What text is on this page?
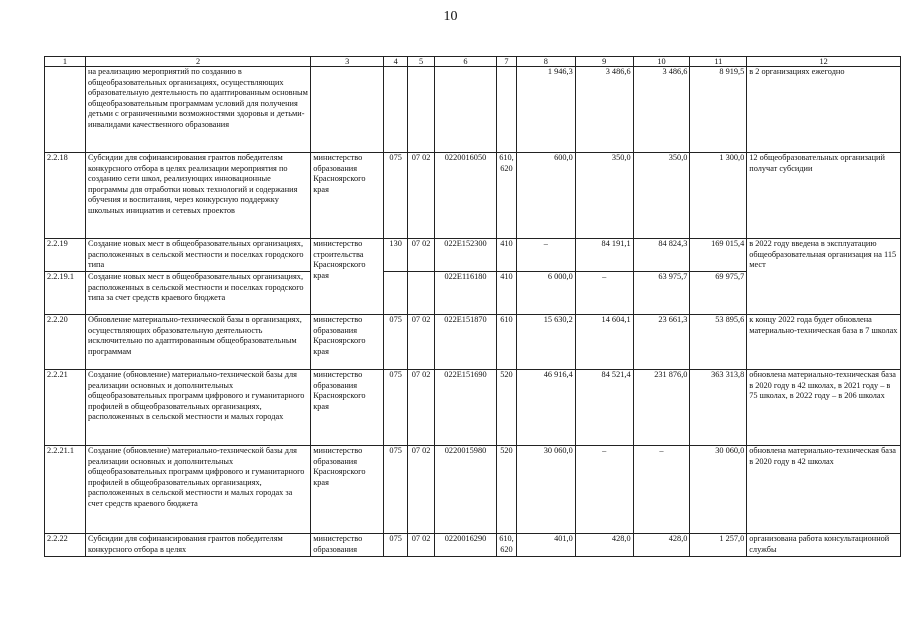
10
1	2	3	4	5	6	7	8	9	10	11	12
	на реализацию мероприятий по созданию в общеобразовательных организациях, осуществляющих образовательную деятельность по адаптированным основным общеобразовательным программам условий для получения детьми с ограниченными возможностями здоровья и детьми-инвалидами качественного образования						1 946,3	3 486,6	3 486,6	8 919,5	в 2 организациях ежегодно
2.2.18	Субсидии для софинансирования грантов победителям конкурсного отбора в целях реализации мероприятия по созданию сети школ, реализующих инновационные программы для отработки новых технологий и содержания обучения и воспитания, через конкурсную поддержку школьных инициатив и сетевых проектов	министерство образования Красноярского края	075	07 02	0220016050	610, 620	600,0	350,0	350,0	1 300,0	12 общеобразовательных организаций получат субсидии
2.2.19	Создание новых мест в общеобразовательных организациях, расположенных в сельской местности и поселках городского типа	министерство строительства Красноярского края	130	07 02	022E152300	410	–	84 191,1	84 824,3	169 015,4	в 2022 году введена в эксплуатацию общеобразовательная организация на 115 мест
2.2.19.1	Создание новых мест в общеобразовательных организациях, расположенных в сельской местности и поселках городского типа за счет средств краевого бюджета				022E116180	410	6 000,0	–	63 975,7	69 975,7	
2.2.20	Обновление материально-технической базы в организациях, осуществляющих образовательную деятельность исключительно по адаптированным общеобразовательным программам	министерство образования Красноярского края	075	07 02	022E151870	610	15 630,2	14 604,1	23 661,3	53 895,6	к концу 2022 года будет обновлена материально-техническая база в 7 школах
2.2.21	Создание (обновление) материально-технической базы для реализации основных и дополнительных общеобразовательных программ цифрового и гуманитарного профилей в общеобразовательных организациях, расположенных в сельской местности и малых городах	министерство образования Красноярского края	075	07 02	022E151690	520	46 916,4	84 521,4	231 876,0	363 313,8	обновлена материально-техническая база в 2020 году в 42 школах, в 2021 году – в 75 школах, в 2022 году – в 206 школах
2.2.21.1	Создание (обновление) материально-технической базы для реализации основных и дополнительных общеобразовательных программ цифрового и гуманитарного профилей в общеобразовательных организациях, расположенных в сельской местности и малых городах за счет средств краевого бюджета	министерство образования Красноярского края	075	07 02	0220015980	520	30 060,0	–	–	30 060,0	обновлена материально-техническая база в 2020 году в 42 школах
2.2.22	Субсидии для софинансирования грантов победителям конкурсного отбора в целях	министерство образования	075	07 02	0220016290	610, 620	401,0	428,0	428,0	1 257,0	организована работа консультационной службы
